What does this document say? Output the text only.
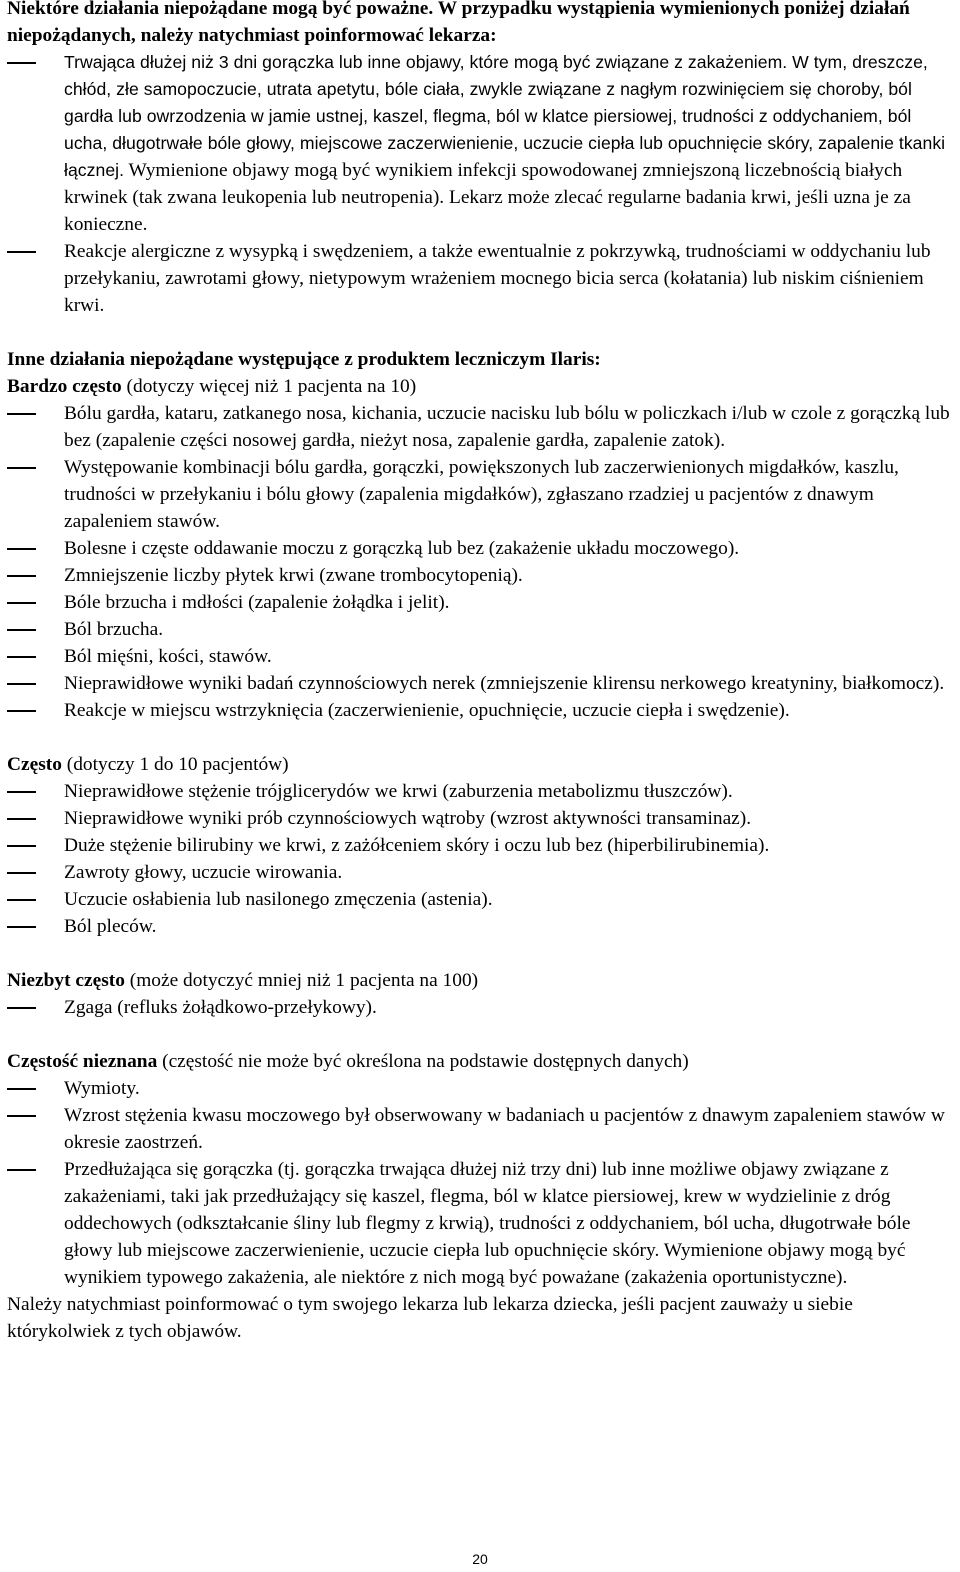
Niektóre działania niepożądane mogą być poważne. W przypadku wystąpienia wymienionych poniżej działań niepożądanych, należy natychmiast poinformować lekarza:

Trwająca dłużej niż 3 dni gorączka lub inne objawy, które mogą być związane z zakażeniem. W tym, dreszcze, chłód, złe samopoczucie, utrata apetytu, bóle ciała, zwykle związane z nagłym rozwinięciem się choroby, ból gardła lub owrzodzenia w jamie ustnej, kaszel, flegma, ból w klatce piersiowej, trudności z oddychaniem, ból ucha, długotrwałe bóle głowy, miejscowe zaczerwienienie, uczucie ciepła lub opuchnięcie skóry, zapalenie tkanki łącznej. Wymienione objawy mogą być wynikiem infekcji spowodowanej zmniejszoną liczebnością białych krwinek (tak zwana leukopenia lub neutropenia). Lekarz może zlecać regularne badania krwi, jeśli uzna je za konieczne.
Reakcje alergiczne z wysypką i swędzeniem, a także ewentualnie z pokrzywką, trudnościami w oddychaniu lub przełykaniu, zawrotami głowy, nietypowym wrażeniem mocnego bicia serca (kołatania) lub niskim ciśnieniem krwi.

Inne działania niepożądane występujące z produktem leczniczym Ilaris:

Bardzo często (dotyczy więcej niż 1 pacjenta na 10)

Bólu gardła, kataru, zatkanego nosa, kichania, uczucie nacisku lub bólu w policzkach i/lub w czole z gorączką lub bez (zapalenie części nosowej gardła, nieżyt nosa, zapalenie gardła, zapalenie zatok).
Występowanie kombinacji bólu gardła, gorączki, powiększonych lub zaczerwienionych migdałków, kaszlu, trudności w przełykaniu i bólu głowy (zapalenia migdałków), zgłaszano rzadziej u pacjentów z dnawym zapaleniem stawów.
Bolesne i częste oddawanie moczu z gorączką lub bez (zakażenie układu moczowego).
Zmniejszenie liczby płytek krwi (zwane trombocytopenią).
Bóle brzucha i mdłości (zapalenie żołądka i jelit).
Ból brzucha.
Ból mięśni, kości, stawów.
Nieprawidłowe wyniki badań czynnościowych nerek (zmniejszenie klirensu nerkowego kreatyniny, białkomocz).
Reakcje w miejscu wstrzyknięcia (zaczerwienienie, opuchnięcie, uczucie ciepła i swędzenie).

Często (dotyczy 1 do 10 pacjentów)

Nieprawidłowe stężenie trójglicerydów we krwi (zaburzenia metabolizmu tłuszczów).
Nieprawidłowe wyniki prób czynnościowych wątroby (wzrost aktywności transaminaz).
Duże stężenie bilirubiny we krwi, z zażółceniem skóry i oczu lub bez (hiperbilirubinemia).
Zawroty głowy, uczucie wirowania.
Uczucie osłabienia lub nasilonego zmęczenia (astenia).
Ból pleców.

Niezbyt często (może dotyczyć mniej niż 1 pacjenta na 100)

Zgaga (refluks żołądkowo-przełykowy).

Częstość nieznana (częstość nie może być określona na podstawie dostępnych danych)

Wymioty.
Wzrost stężenia kwasu moczowego był obserwowany w badaniach u pacjentów z dnawym zapaleniem stawów w okresie zaostrzeń.
Przedłużająca się gorączka (tj. gorączka trwająca dłużej niż trzy dni) lub inne możliwe objawy związane z zakażeniami, taki jak przedłużający się kaszel, flegma, ból w klatce piersiowej, krew w wydzielinie z dróg oddechowych (odkształcanie śliny lub flegmy z krwią), trudności z oddychaniem, ból ucha, długotrwałe bóle głowy lub miejscowe zaczerwienienie, uczucie ciepła lub opuchnięcie skóry. Wymienione objawy mogą być wynikiem typowego zakażenia, ale niektóre z nich mogą być poważane (zakażenia oportunistyczne).

Należy natychmiast poinformować o tym swojego lekarza lub lekarza dziecka, jeśli pacjent zauważy u siebie którykolwiek z tych objawów.

20
